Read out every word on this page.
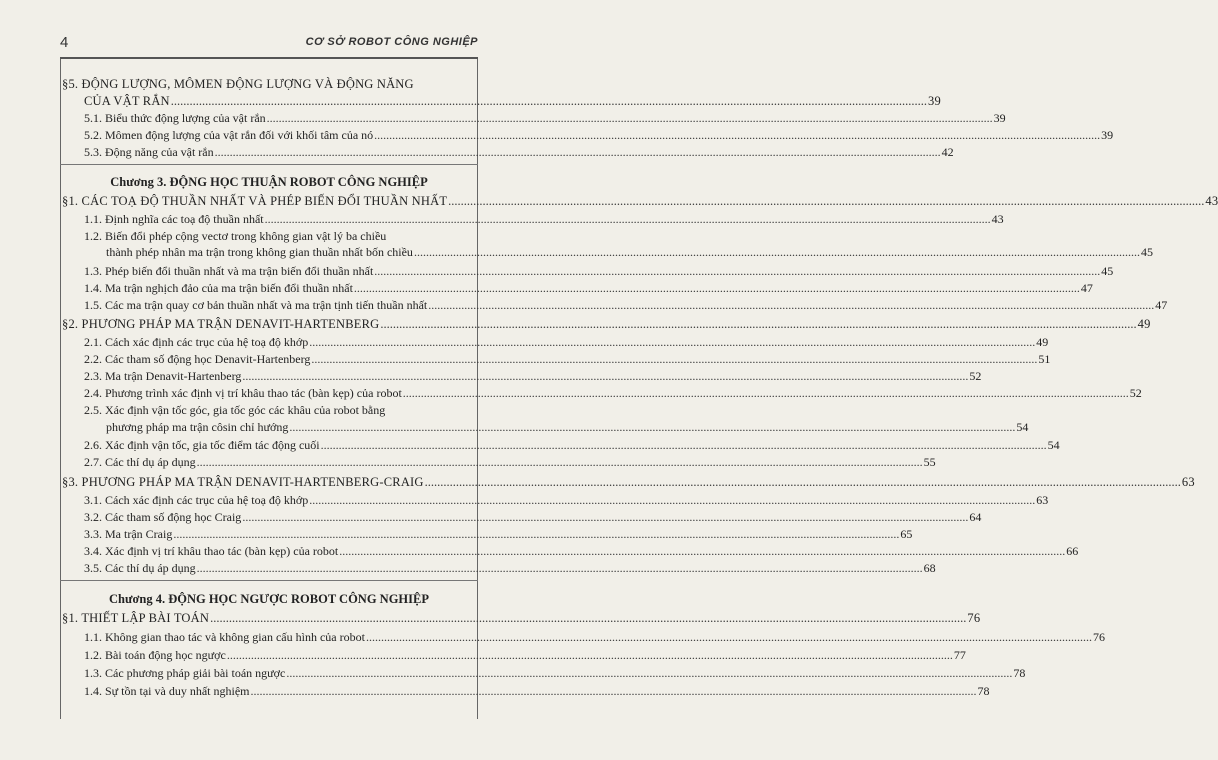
4	CƠ SỞ ROBOT CÔNG NGHIỆP
§5. ĐỘNG LƯỢNG, MÔMEN ĐỘNG LƯỢNG VÀ ĐỘNG NĂNG
CỦA VẬT RẮN .....	39
5.1. Biểu thức động lượng của vật rắn .....	39
5.2. Mômen động lượng của vật rắn đối với khối tâm của nó .....	39
5.3. Động năng của vật rắn .....	42
Chương 3. ĐỘNG HỌC THUẬN ROBOT CÔNG NGHIỆP
§1. CÁC TOẠ ĐỘ THUẦN NHẤT VÀ PHÉP BIẾN ĐỔI THUẦN NHẤT .....	43
1.1. Định nghĩa các toạ độ thuần nhất .....	43
1.2. Biến đổi phép cộng vectơ trong không gian vật lý ba chiều
thành phép nhân ma trận trong không gian thuần nhất bốn chiều .....	45
1.3. Phép biến đổi thuần nhất và ma trận biến đổi thuần nhất .....	45
1.4. Ma trận nghịch đảo của ma trận biến đổi thuần nhất .....	47
1.5. Các ma trận quay cơ bản thuần nhất và ma trận tịnh tiến thuần nhất .....	47
§2. PHƯƠNG PHÁP MA TRẬN DENAVIT-HARTENBERG .....	49
2.1. Cách xác định các trục của hệ toạ độ khớp .....	49
2.2. Các tham số động học Denavit-Hartenberg .....	51
2.3. Ma trận Denavit-Hartenberg .....	52
2.4. Phương trình xác định vị trí khâu thao tác (bàn kẹp) của robot .....	52
2.5. Xác định vận tốc góc, gia tốc góc các khâu của robot bằng
phương pháp ma trận côsin chỉ hướng .....	54
2.6. Xác định vận tốc, gia tốc điểm tác động cuối .....	54
2.7. Các thí dụ áp dụng .....	55
§3. PHƯƠNG PHÁP MA TRẬN DENAVIT-HARTENBERG-CRAIG .....	63
3.1. Cách xác định các trục của hệ toạ độ khớp .....	63
3.2. Các tham số động học Craig .....	64
3.3. Ma trận Craig .....	65
3.4. Xác định vị trí khâu thao tác (bàn kẹp) của robot .....	66
3.5. Các thí dụ áp dụng .....	68
Chương 4. ĐỘNG HỌC NGƯỢC ROBOT CÔNG NGHIỆP
§1. THIẾT LẬP BÀI TOÁN .....	76
1.1. Không gian thao tác và không gian cấu hình của robot .....	76
1.2. Bài toán động học ngược .....	77
1.3. Các phương pháp giải bài toán ngược .....	78
1.4. Sự tồn tại và duy nhất nghiệm .....	78
